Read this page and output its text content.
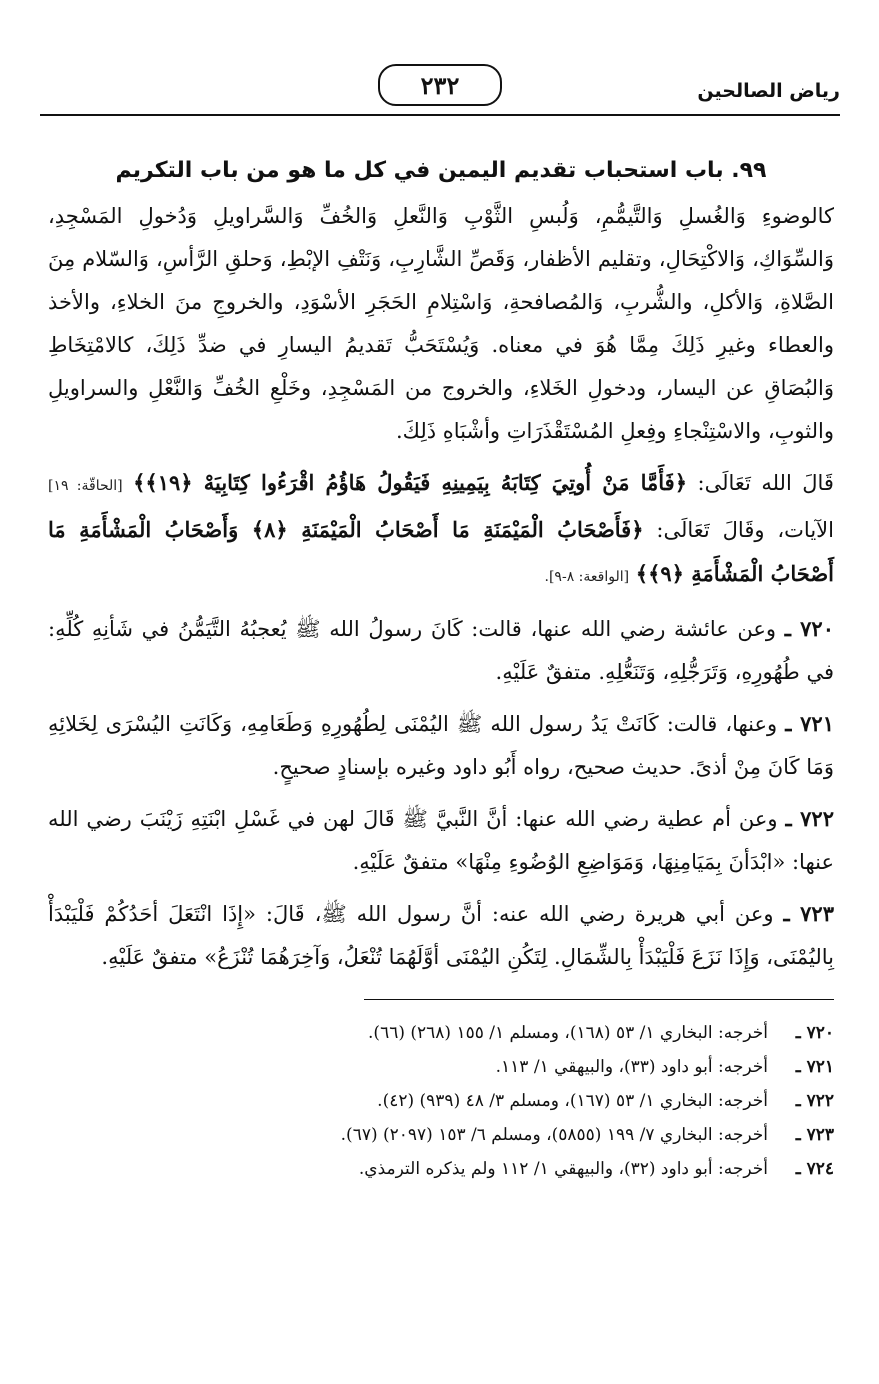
٢٣٢	رياض الصالحين
٩٩. باب استحباب تقديم اليمين في كل ما هو من باب التكريم

كالوضوءِ وَالغُسلِ وَالتَّيمُّمِ، وَلُبسِ الثَّوْبِ وَالنَّعلِ وَالخُفِّ وَالسَّراويلِ وَدُخولِ المَسْجِدِ، وَالسِّوَاكِ، وَالاكْتِحَالِ، وتقليم الأظفار، وَقَصِّ الشَّارِبِ، وَنَتْفِ الإبْطِ، وَحلقِ الرَّأسِ، وَالسّلام مِنَ الصَّلاةِ، وَالأكلِ، والشُّربِ، وَالمُصافحةِ، وَاسْتِلامِ الحَجَرِ الأسْوَدِ، والخروجِ منَ الخلاءِ، والأخذ والعطاء وغيرِ ذَلِكَ مِمَّا هُوَ في معناه. وَيُسْتَحَبُّ تَقديمُ اليسارِ في ضدِّ ذَلِكَ، كالامْتِخَاطِ وَالبُصَاقِ عن اليسار، ودخولِ الخَلاءِ، والخروج من المَسْجِدِ، وخَلْعِ الخُفِّ وَالنَّعْلِ والسراويلِ والثوبِ، والاسْتِنْجاءِ وفِعلِ المُسْتَقْذَرَاتِ وأشْبَاهِ ذَلِكَ.

قَالَ الله تَعَالَى: ﴿فَأَمَّا مَنْ أُوتِيَ كِتَابَهُ بِيَمِينِهِ فَيَقُولُ هَاؤُمُ اقْرَءُوا كِتَابِيَهْ ﴿١٩﴾﴾ [الحاقّة: ١٩] الآيات، وقَالَ تَعَالَى: ﴿فَأَصْحَابُ الْمَيْمَنَةِ مَا أَصْحَابُ الْمَيْمَنَةِ ﴿٨﴾ وَأَصْحَابُ الْمَشْأَمَةِ مَا أَصْحَابُ الْمَشْأَمَةِ ﴿٩﴾﴾ [الواقعة: ٨-٩].

٧٢٠ ـ وعن عائشة رضي الله عنها، قالت: كَانَ رسولُ الله ﷺ يُعجبُهُ التَّيَمُّنُ في شَأنِهِ كُلِّهِ: في طُهُورِهِ، وَتَرَجُّلِهِ، وَتَنَعُّلِهِ. متفقٌ عَلَيْهِ.

٧٢١ ـ وعنها، قالت: كَانَتْ يَدُ رسول الله ﷺ اليُمْنَى لِطُهُورِهِ وَطَعَامِهِ، وَكَانَتِ اليُسْرَى لِخَلائِهِ وَمَا كَانَ مِنْ أذىً. حديث صحيح، رواه أَبُو داود وغيره بإسنادٍ صحيحٍ.

٧٢٢ ـ وعن أم عطية رضي الله عنها: أنَّ النَّبيَّ ﷺ قَالَ لهن في غَسْلِ ابْنَتِهِ زَيْنَبَ رضي الله عنها: «ابْدَأنَ بِمَيَامِنِهَا، وَمَوَاضِعِ الوُضُوءِ مِنْهَا» متفقٌ عَلَيْهِ.

٧٢٣ ـ وعن أبي هريرة رضي الله عنه: أنَّ رسول الله ﷺ، قَالَ: «إِذَا انْتَعَلَ أحَدُكُمْ فَلْيَبْدَأْ بِاليُمْنَى، وَإِذَا نَزَعَ فَلْيَبْدَأْ بِالشِّمَالِ. لِتَكُنِ اليُمْنَى أوَّلَهُمَا تُنْعَلُ، وَآخِرَهُمَا تُنْزَعُ» متفقٌ عَلَيْهِ.

٧٢٠ ـ
أخرجه: البخاري ١/ ٥٣ (١٦٨)، ومسلم ١/ ١٥٥ (٢٦٨) (٦٦).
٧٢١ ـ
أخرجه: أبو داود (٣٣)، والبيهقي ١/ ١١٣.
٧٢٢ ـ
أخرجه: البخاري ١/ ٥٣ (١٦٧)، ومسلم ٣/ ٤٨ (٩٣٩) (٤٢).
٧٢٣ ـ
أخرجه: البخاري ٧/ ١٩٩ (٥٨٥٥)، ومسلم ٦/ ١٥٣ (٢٠٩٧) (٦٧).
٧٢٤ ـ
أخرجه: أبو داود (٣٢)، والبيهقي ١/ ١١٢ ولم يذكره الترمذي.
